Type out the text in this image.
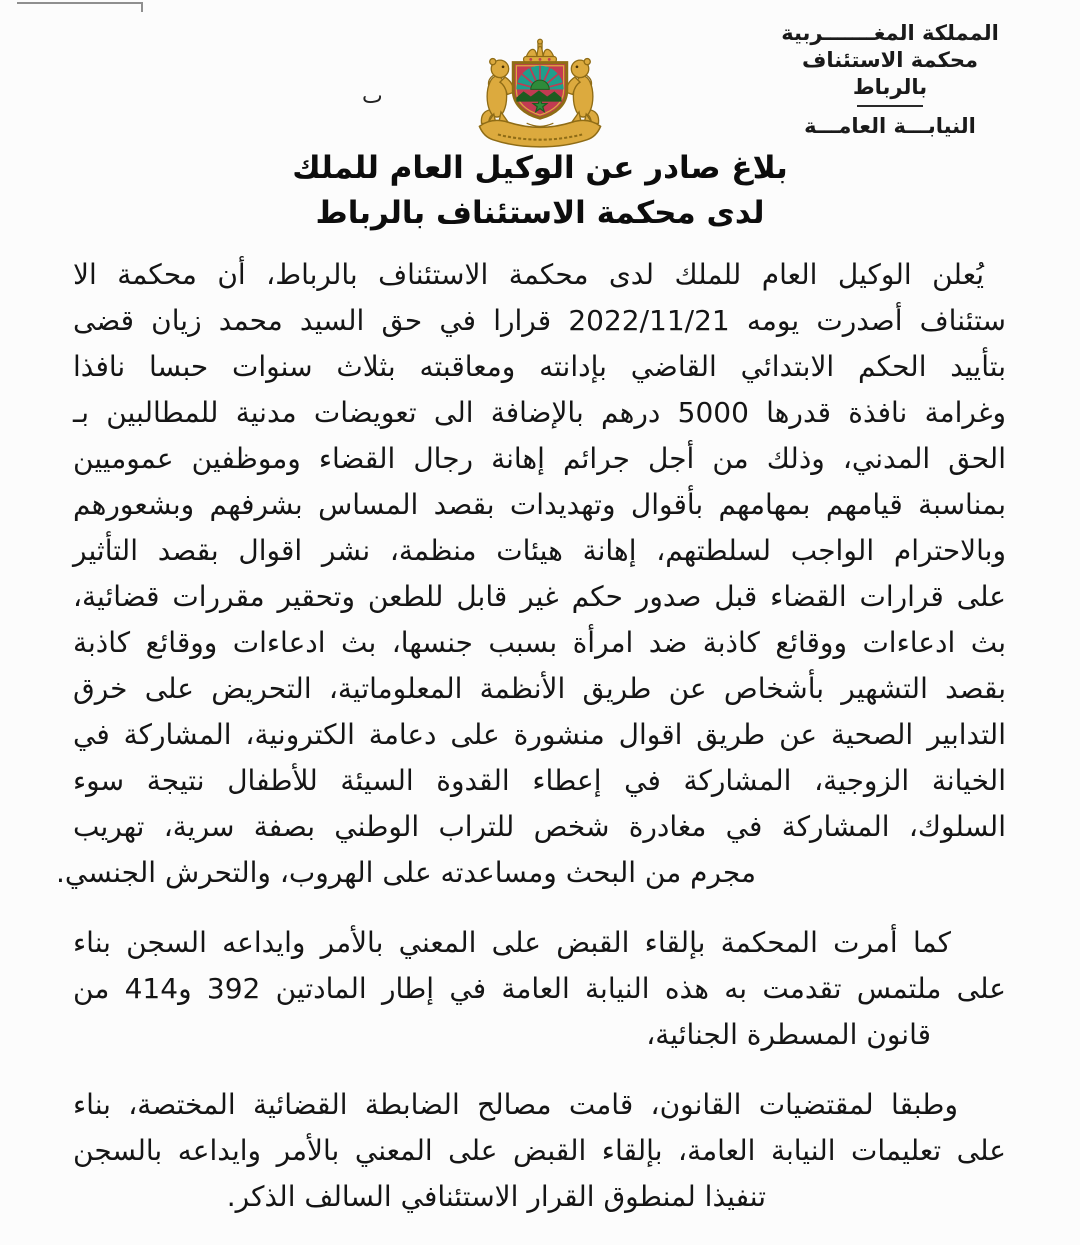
المملكة المغـــــــربية
محكمة الاستئناف بالرباط
النيابـــة العامـــة
ٮ
بلاغ صادر عن الوكيل العام للملك
لدى محكمة الاستئناف بالرباط
يُعلن الوكيل العام للملك لدى محكمة الاستئناف بالرباط، أن محكمة الا
ستئناف أصدرت يومه 2022/11/21 قرارا في حق السيد محمد زيان قضى
بتأييد الحكم الابتدائي القاضي بإدانته ومعاقبته بثلاث سنوات حبسا نافذا
وغرامة نافذة قدرها 5000 درهم بالإضافة الى تعويضات مدنية للمطالبين بـ
الحق المدني، وذلك من أجل جرائم إهانة رجال القضاء وموظفين عموميين
بمناسبة قيامهم بمهامهم بأقوال وتهديدات بقصد المساس بشرفهم وبشعورهم
وبالاحترام الواجب لسلطتهم، إهانة هيئات منظمة، نشر اقوال بقصد التأثير
على قرارات القضاء قبل صدور حكم غير قابل للطعن وتحقير مقررات قضائية،
بث ادعاءات ووقائع كاذبة ضد امرأة بسبب جنسها، بث ادعاءات ووقائع كاذبة
بقصد التشهير بأشخاص عن طريق الأنظمة المعلوماتية، التحريض على خرق
التدابير الصحية عن طريق اقوال منشورة على دعامة الكترونية، المشاركة في
الخيانة الزوجية، المشاركة في إعطاء القدوة السيئة للأطفال نتيجة سوء
السلوك، المشاركة في مغادرة شخص للتراب الوطني بصفة سرية، تهريب
مجرم من البحث ومساعدته على الهروب، والتحرش الجنسي.
كما أمرت المحكمة بإلقاء القبض على المعني بالأمر وايداعه السجن بناء
على ملتمس تقدمت به هذه النيابة العامة في إطار المادتين 392 و414 من
قانون المسطرة الجنائية،
وطبقا لمقتضيات القانون، قامت مصالح الضابطة القضائية المختصة، بناء
على تعليمات النيابة العامة، بإلقاء القبض على المعني بالأمر وايداعه بالسجن
تنفيذا لمنطوق القرار الاستئنافي السالف الذكر.
